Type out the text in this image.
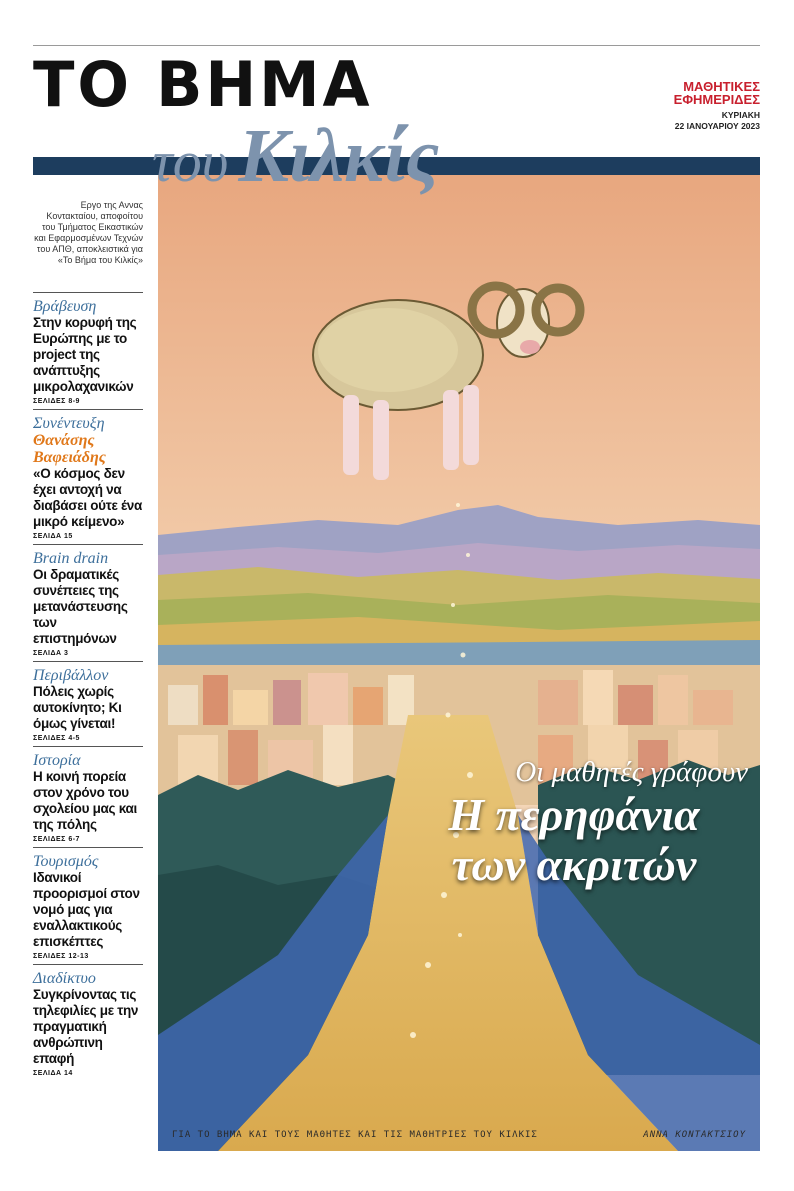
ΤΟ ΒΗΜΑ
του Κιλκίς
ΜΑΘΗΤΙΚΕΣ ΕΦΗΜΕΡΙΔΕΣ
ΚΥΡΙΑΚΗ
22 ΙΑΝΟΥΑΡΙΟΥ 2023
Εργο της Αννας Κοντακταίου, αποφοίτου του Τμήματος Εικαστικών και Εφαρμοσμένων Τεχνών του ΑΠΘ, αποκλειστικά για «Το Βήμα του Κιλκίς»
Βράβευση
Στην κορυφή της Ευρώπης με το project της ανάπτυξης μικρολαχανικών
ΣΕΛΙΔΕΣ 8-9
Συνέντευξη
Θανάσης Βαφειάδης
«Ο κόσμος δεν έχει αντοχή να διαβάσει ούτε ένα μικρό κείμενο»
ΣΕΛΙΔΑ 15
Brain drain
Οι δραματικές συνέπειες της μετανάστευσης των επιστημόνων
ΣΕΛΙΔΑ 3
Περιβάλλον
Πόλεις χωρίς αυτοκίνητο; Κι όμως γίνεται!
ΣΕΛΙΔΕΣ 4-5
Ιστορία
Η κοινή πορεία στον χρόνο του σχολείου μας και της πόλης
ΣΕΛΙΔΕΣ 6-7
Τουρισμός
Ιδανικοί προορισμοί στον νομό μας για εναλλακτικούς επισκέπτες
ΣΕΛΙΔΕΣ 12-13
Διαδίκτυο
Συγκρίνοντας τις τηλεφιλίες με την πραγματική ανθρώπινη επαφή
ΣΕΛΙΔΑ 14

Οι μαθητές γράφουν

Η περηφάνια
των ακριτών
ΓΙΑ ΤΟ ΒΗΜΑ ΚΑΙ ΤΟΥΣ ΜΑΘΗΤΕΣ ΚΑΙ ΤΙΣ ΜΑΘΗΤΡΙΕΣ ΤΟΥ ΚΙΛΚΙΣ	ΑΝΝΑ ΚΟΝΤΑΚΤΣΙΟΥ
